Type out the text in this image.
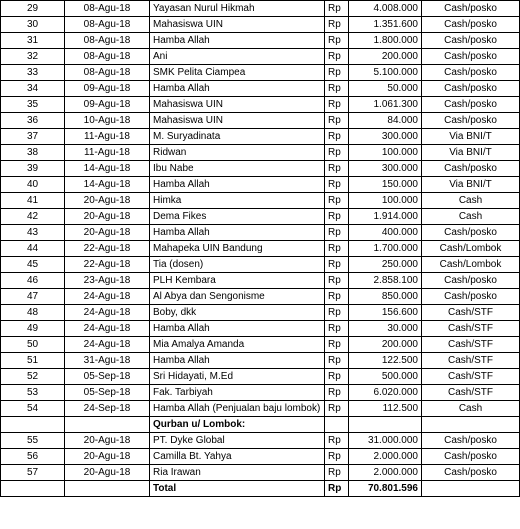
29	08-Agu-18	Yayasan Nurul Hikmah	Rp	4.008.000	Cash/posko
30	08-Agu-18	Mahasiswa UIN	Rp	1.351.600	Cash/posko
31	08-Agu-18	Hamba Allah	Rp	1.800.000	Cash/posko
32	08-Agu-18	Ani	Rp	200.000	Cash/posko
33	08-Agu-18	SMK Pelita Ciampea	Rp	5.100.000	Cash/posko
34	09-Agu-18	Hamba Allah	Rp	50.000	Cash/posko
35	09-Agu-18	Mahasiswa UIN	Rp	1.061.300	Cash/posko
36	10-Agu-18	Mahasiswa UIN	Rp	84.000	Cash/posko
37	11-Agu-18	M. Suryadinata	Rp	300.000	Via BNI/T
38	11-Agu-18	Ridwan	Rp	100.000	Via BNI/T
39	14-Agu-18	Ibu Nabe	Rp	300.000	Cash/posko
40	14-Agu-18	Hamba Allah	Rp	150.000	Via BNI/T
41	20-Agu-18	Himka	Rp	100.000	Cash
42	20-Agu-18	Dema Fikes	Rp	1.914.000	Cash
43	20-Agu-18	Hamba Allah	Rp	400.000	Cash/posko
44	22-Agu-18	Mahapeka UIN Bandung	Rp	1.700.000	Cash/Lombok
45	22-Agu-18	Tia (dosen)	Rp	250.000	Cash/Lombok
46	23-Agu-18	PLH Kembara	Rp	2.858.100	Cash/posko
47	24-Agu-18	Al Abya dan Sengonisme	Rp	850.000	Cash/posko
48	24-Agu-18	Boby, dkk	Rp	156.600	Cash/STF
49	24-Agu-18	Hamba Allah	Rp	30.000	Cash/STF
50	24-Agu-18	Mia Amalya Amanda	Rp	200.000	Cash/STF
51	31-Agu-18	Hamba Allah	Rp	122.500	Cash/STF
52	05-Sep-18	Sri Hidayati, M.Ed	Rp	500.000	Cash/STF
53	05-Sep-18	Fak. Tarbiyah	Rp	6.020.000	Cash/STF
54	24-Sep-18	Hamba Allah (Penjualan baju lombok)	Rp	112.500	Cash
		Qurban u/ Lombok:			
55	20-Agu-18	PT. Dyke Global	Rp	31.000.000	Cash/posko
56	20-Agu-18	Camilla Bt. Yahya	Rp	2.000.000	Cash/posko
57	20-Agu-18	Ria Irawan	Rp	2.000.000	Cash/posko
		Total	Rp	70.801.596	
